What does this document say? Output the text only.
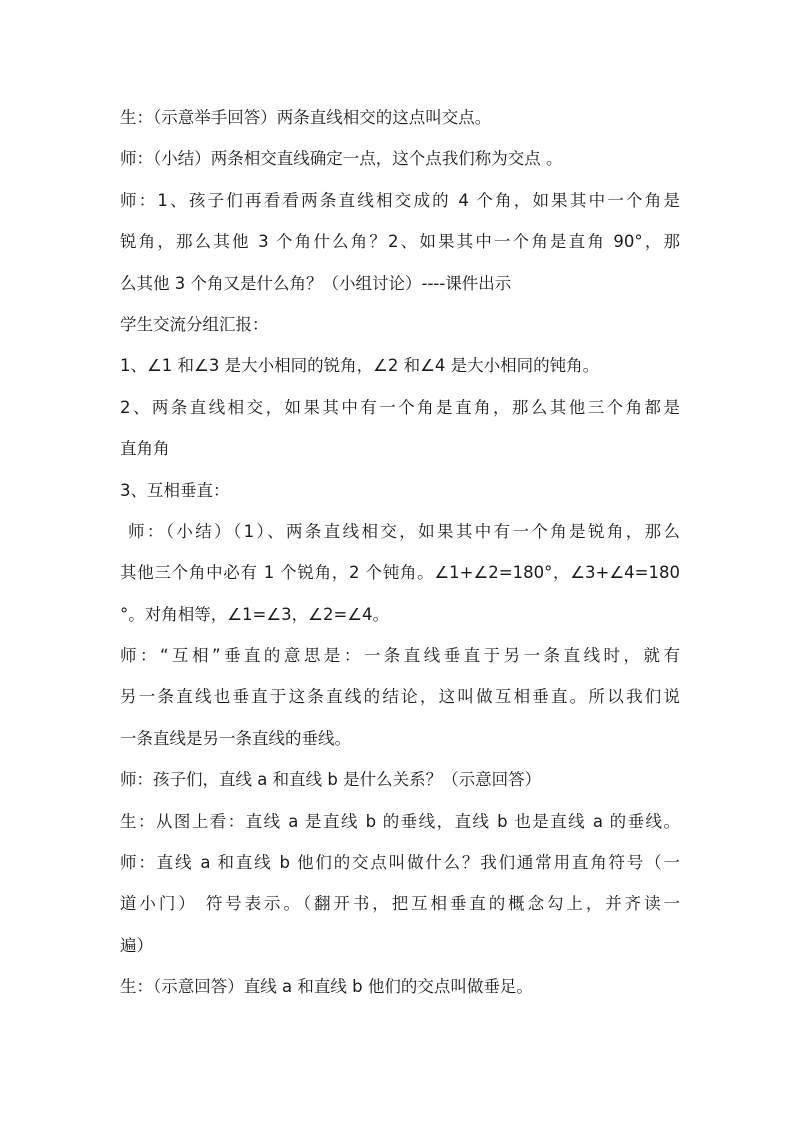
生：（示意举手回答）两条直线相交的这点叫交点。
师：（小结）两条相交直线确定一点，这个点我们称为交点 。
师：1、孩子们再看看两条直线相交成的 4 个角，如果其中一个角是
锐角，那么其他 3 个角什么角？2、如果其中一个角是直角 90°，那
么其他 3 个角又是什么角？（小组讨论）----课件出示
学生交流分组汇报：
1、∠1 和∠3 是大小相同的锐角，∠2 和∠4 是大小相同的钝角。
2、两条直线相交，如果其中有一个角是直角，那么其他三个角都是
直角角
3、互相垂直：
师：（小结）（1）、两条直线相交，如果其中有一个角是锐角，那么
其他三个角中必有 1 个锐角，2 个钝角。∠1+∠2=180°，∠3+∠4=180
°。对角相等，∠1=∠3，∠2=∠4。
师：“互相”垂直的意思是：一条直线垂直于另一条直线时，就有
另一条直线也垂直于这条直线的结论，这叫做互相垂直。所以我们说
一条直线是另一条直线的垂线。
师：孩子们，直线 a 和直线 b 是什么关系？（示意回答）
生：从图上看：直线 a 是直线 b 的垂线，直线 b 也是直线 a 的垂线。
师：直线 a 和直线 b 他们的交点叫做什么？我们通常用直角符号（一
道小门） 符号表示。（翻开书，把互相垂直的概念勾上，并齐读一
遍）
生：（示意回答）直线 a 和直线 b 他们的交点叫做垂足。
